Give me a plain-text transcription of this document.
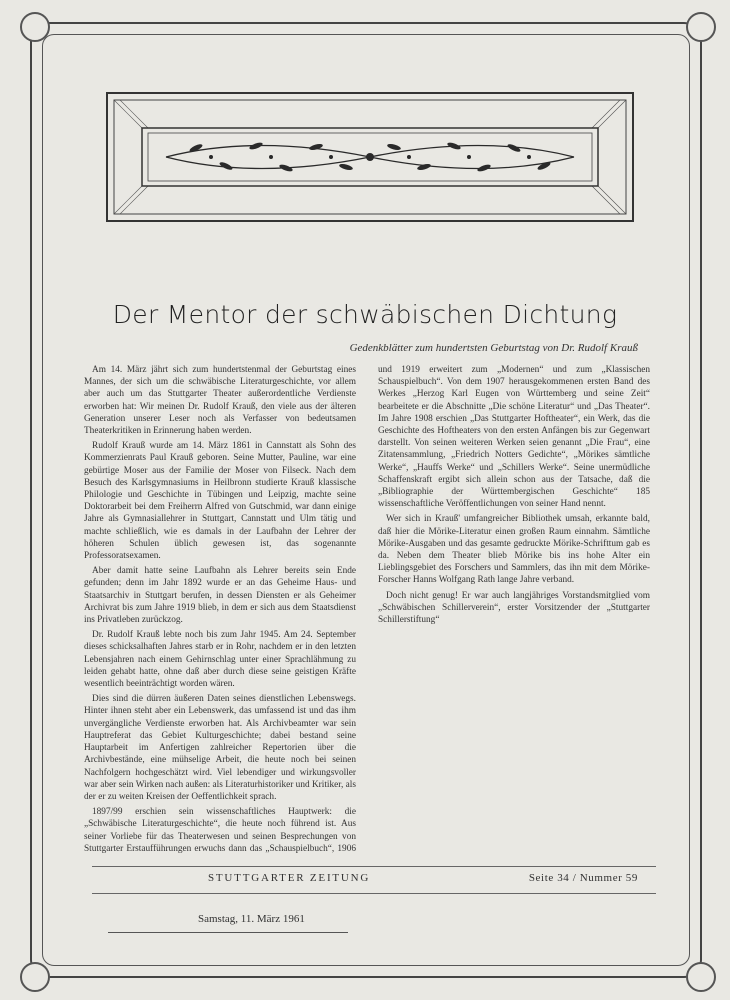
Der Mentor der schwäbischen Dichtung
Gedenkblätter zum hundertsten Geburtstag von Dr. Rudolf Krauß

Am 14. März jährt sich zum hundertstenmal der Geburtstag eines Mannes, der sich um die schwäbische Literaturgeschichte, vor allem aber auch um das Stuttgarter Theater außerordentliche Verdienste erworben hat: Wir meinen Dr. Rudolf Krauß, den viele aus der älteren Generation unserer Leser noch als Verfasser von bedeutsamen Theaterkritiken in Erinnerung haben werden.

Rudolf Krauß wurde am 14. März 1861 in Cannstatt als Sohn des Kommerzienrats Paul Krauß geboren. Seine Mutter, Pauline, war eine gebürtige Moser aus der Familie der Moser von Filseck. Nach dem Besuch des Karlsgymnasiums in Heilbronn studierte Krauß klassische Philologie und Geschichte in Tübingen und Leipzig, machte seine Doktorarbeit bei dem Freiherrn Alfred von Gutschmid, war dann einige Jahre als Gymnasiallehrer in Stuttgart, Cannstatt und Ulm tätig und machte schließlich, wie es damals in der Laufbahn der Lehrer der höheren Schulen üblich gewesen ist, das sogenannte Professoratsexamen.

Aber damit hatte seine Laufbahn als Lehrer bereits sein Ende gefunden; denn im Jahr 1892 wurde er an das Geheime Haus- und Staatsarchiv in Stuttgart berufen, in dessen Diensten er als Geheimer Archivrat bis zum Jahre 1919 blieb, in dem er sich aus dem Staatsdienst ins Privatleben zurückzog.

Dr. Rudolf Krauß lebte noch bis zum Jahr 1945. Am 24. September dieses schicksalhaften Jahres starb er in Rohr, nachdem er in den letzten Lebensjahren nach einem Gehirnschlag unter einer Sprachlähmung zu leiden gehabt hatte, ohne daß aber durch diese seine geistigen Kräfte wesentlich beeinträchtigt worden wären.

Dies sind die dürren äußeren Daten seines dienstlichen Lebenswegs. Hinter ihnen steht aber ein Lebenswerk, das umfassend ist und das ihm unvergängliche Verdienste erworben hat. Als Archivbeamter war sein Hauptreferat das Gebiet Kulturgeschichte; dabei bestand seine Hauptarbeit im Anfertigen zahlreicher Repertorien über die Archivbestände, eine mühselige Arbeit, die heute noch bei seinen Nachfolgern hochgeschätzt wird. Viel lebendiger und wirkungsvoller war aber sein Wirken nach außen: als Literaturhistoriker und Kritiker, als der er zu weiten Kreisen der Oeffentlichkeit sprach.

1897/99 erschien sein wissenschaftliches Hauptwerk: die „Schwäbische Literaturgeschichte“, die heute noch führend ist. Aus seiner Vorliebe für das Theaterwesen und seinen Besprechungen von Stuttgarter Erstaufführungen erwuchs dann das „Schauspielbuch“, 1906 und 1919 erweitert zum „Modernen“ und zum „Klassischen Schauspielbuch“. Von dem 1907 herausgekommenen ersten Band des Werkes „Herzog Karl Eugen von Württemberg und seine Zeit“ bearbeitete er die Abschnitte „Die schöne Literatur“ und „Das Theater“. Im Jahre 1908 erschien „Das Stuttgarter Hoftheater“, ein Werk, das die Geschichte des Hoftheaters von den ersten Anfängen bis zur Gegenwart darstellt. Von seinen weiteren Werken seien genannt „Die Frau“, eine Zitatensammlung, „Friedrich Notters Gedichte“, „Mörikes sämtliche Werke“, „Hauffs Werke“ und „Schillers Werke“. Seine unermüdliche Schaffenskraft ergibt sich allein schon aus der Tatsache, daß die „Bibliographie der Württembergischen Geschichte“ 185 wissenschaftliche Veröffentlichungen von seiner Hand nennt.

Wer sich in Krauß' umfangreicher Bibliothek umsah, erkannte bald, daß hier die Mörike-Literatur einen großen Raum einnahm. Sämtliche Mörike-Ausgaben und das gesamte gedruckte Mörike-Schrifttum gab es da. Neben dem Theater blieb Mörike bis ins hohe Alter ein Lieblingsgebiet des Forschers und Sammlers, das ihn mit dem Mörike-Forscher Hanns Wolfgang Rath lange Jahre verband.

Doch nicht genug! Er war auch langjähriges Vorstandsmitglied vom „Schwäbischen Schillerverein“, erster Vorsitzender der „Stuttgarter Schillerstiftung“

STUTTGARTER ZEITUNG	Seite 34 / Nummer 59
Samstag, 11. März 1961
